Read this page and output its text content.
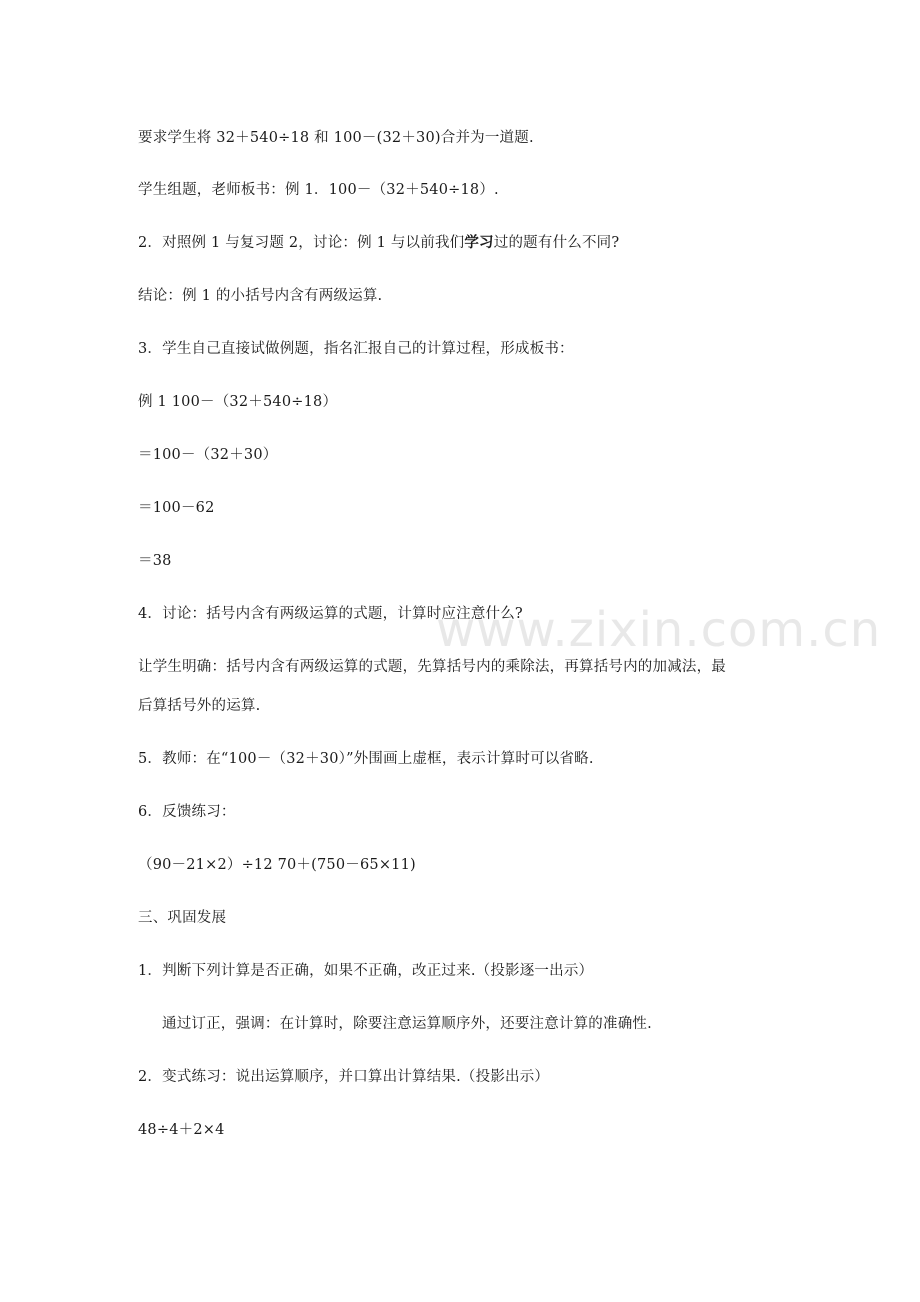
www.zixin.com.cn
要求学生将 32＋540÷18 和 100－(32＋30)合并为一道题.
学生组题，老师板书：例 1．100－（32＋540÷18）.
2．对照例 1 与复习题 2，讨论：例 1 与以前我们学习过的题有什么不同?
结论：例 1 的小括号内含有两级运算.
3．学生自己直接试做例题，指名汇报自己的计算过程，形成板书：
例 1 100－（32＋540÷18）
＝100－（32＋30）
＝100－62
＝38
4．讨论：括号内含有两级运算的式题，计算时应注意什么?
让学生明确：括号内含有两级运算的式题，先算括号内的乘除法，再算括号内的加减法，最
后算括号外的运算.
5．教师：在“100－（32＋30）”外围画上虚框，表示计算时可以省略.
6．反馈练习：
（90－21×2）÷12 70＋(750－65×11)
三、巩固发展
1．判断下列计算是否正确，如果不正确，改正过来.（投影逐一出示）
通过订正，强调：在计算时，除要注意运算顺序外，还要注意计算的准确性.
2．变式练习：说出运算顺序，并口算出计算结果.（投影出示）
48÷4＋2×4
